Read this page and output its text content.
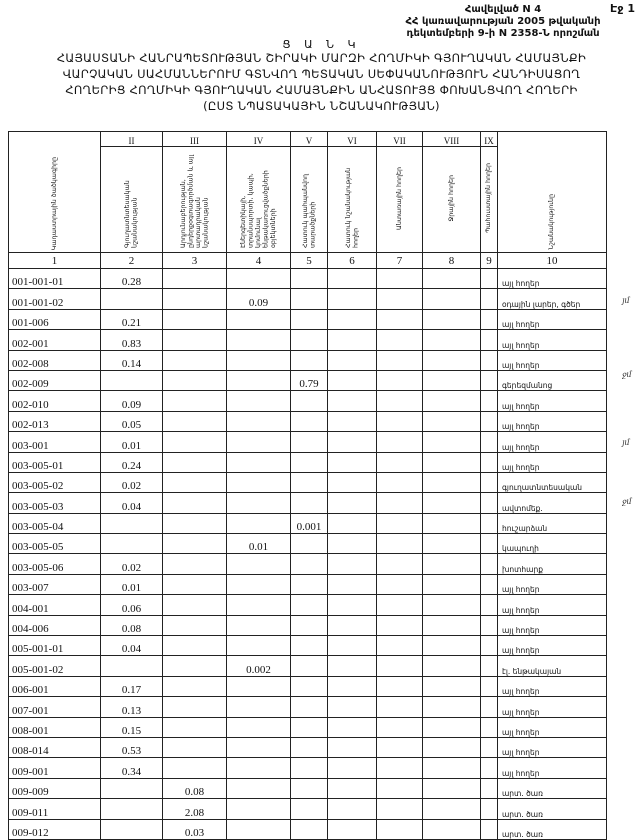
Հավելված N 4
ՀՀ կառավարության 2005 թվականի
դեկտեմբերի 9-ի N 2358-Ն որոշման
Էջ 1
Ց Ա Ն Կ
ՀԱՅԱՍՏԱՆԻ ՀԱՆՐԱՊԵՏՈՒԹՅԱՆ ՇԻՐԱԿԻ ՄԱՐԶԻ ՀՈՂՄԻԿԻ ԳՅՈՒՂԱԿԱՆ ՀԱՄԱՅՆՔԻ
ՎԱՐՉԱԿԱՆ ՍԱՀՄԱՆՆԵՐՈՒՄ ԳՏՆՎՈՂ ՊԵՏԱԿԱՆ ՍԵՓԱԿԱՆՈՒԹՅՈՒՆ ՀԱՆԴԻՍԱՑՈՂ
ՀՈՂԵՐԻՑ ՀՈՂՄԻԿԻ ԳՅՈՒՂԱԿԱՆ ՀԱՄԱՅՆՔԻՆ ԱՆՀԱՏՈՒՅՑ ՓՈԽԱՆՑՎՈՂ ՀՈՂԵՐԻ
(ԸՍՏ ՆՊԱՏԱԿԱՅԻՆ ՆՇԱՆԱԿՈՒԹՅԱՆ)
Կադաստրային ծածկագիրը	II	III	IV	V	VI	VII	VIII	IX	Նշանակությունը
	Գյուղատնտեսական նշանակության	Արդյունաբերության, ընդերքօգտագործման և այլ արտադրական նշանակության	Էներգետիկայի, տրանսպորտի, կապի, կոմունալ ենթակառուցվածքների օբյեկտների	Հատուկ պահպանվող տարածքների	Հատուկ նշանակության հողեր	Անտառային հողեր	Ջրային հողեր	Պահուստային հողեր	
1	2	3	4	5	6	7	8	9	10
001-001-01	0.28								այլ հողեր
001-001-02			0.09						օդային լարեր, գծեր
001-006	0.21								այլ հողեր
002-001	0.83								այլ հողեր
002-008	0.14								այլ հողեր
002-009				0.79					գերեզմանոց
002-010	0.09								այլ հողեր
002-013	0.05								այլ հողեր
003-001	0.01								այլ հողեր
003-005-01	0.24								այլ հողեր
003-005-02	0.02								գյուղատնտեսական
003-005-03	0.04								ավտոմեք.
003-005-04				0.001					հուշարձան
003-005-05			0.01						կապուղի
003-005-06	0.02								խոտհարք
003-007	0.01								այլ հողեր
004-001	0.06								այլ հողեր
004-006	0.08								այլ հողեր
005-001-01	0.04								այլ հողեր
005-001-02			0.002						էլ. ենթակայան
006-001	0.17								այլ հողեր
007-001	0.13								այլ հողեր
008-001	0.15								այլ հողեր
008-014	0.53								այլ հողեր
009-001	0.34								այլ հողեր
009-009		0.08							արտ. ծառ
009-011		2.08							արտ. ծառ
009-012		0.03							արտ. ծառ
յմ
ջմ
յմ
ջմ
